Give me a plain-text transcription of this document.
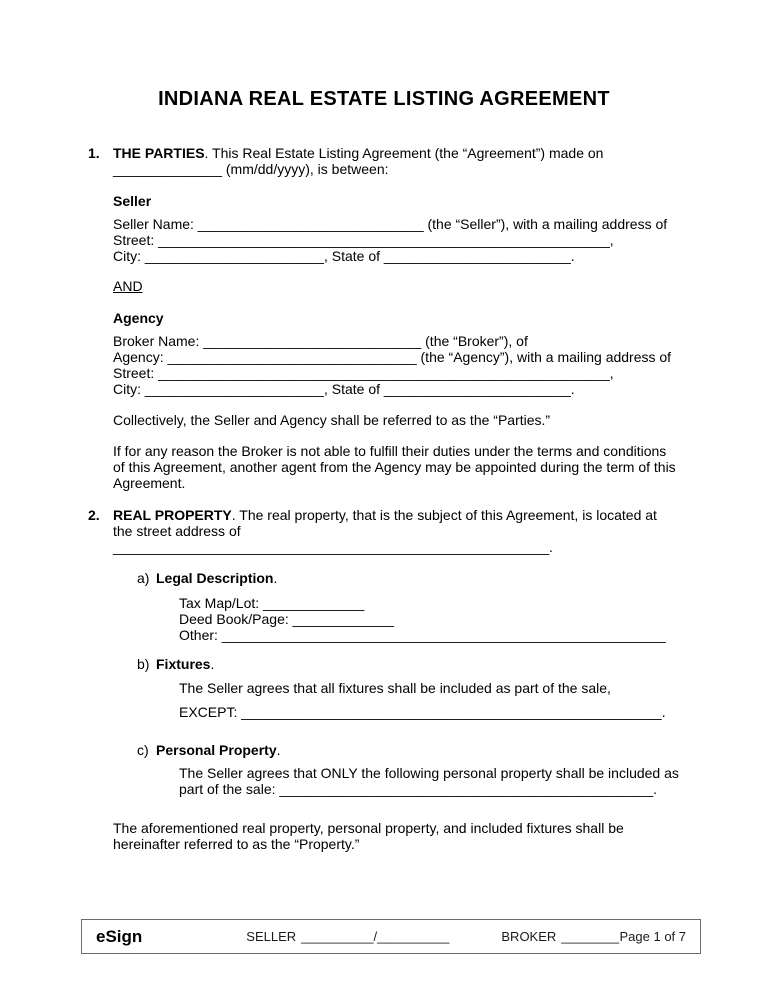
INDIANA REAL ESTATE LISTING AGREEMENT
1. THE PARTIES. This Real Estate Listing Agreement (the “Agreement”) made on ______________ (mm/dd/yyyy), is between:

Seller

Seller Name: _____________________________ (the “Seller”), with a mailing address of

Street: __________________________________________________________,

City: _______________________, State of ________________________.

AND

Agency

Broker Name: ____________________________ (the “Broker”), of

Agency: ________________________________ (the “Agency”), with a mailing address of

Street: __________________________________________________________,

City: _______________________, State of ________________________.

Collectively, the Seller and Agency shall be referred to as the “Parties.”

If for any reason the Broker is not able to fulfill their duties under the terms and conditions of this Agreement, another agent from the Agency may be appointed during the term of this Agreement.

2. REAL PROPERTY. The real property, that is the subject of this Agreement, is located at the street address of ________________________________________________________.

a) Legal Description.

Tax Map/Lot: _____________

Deed Book/Page: _____________

Other: _________________________________________________________

b) Fixtures.

The Seller agrees that all fixtures shall be included as part of the sale,

EXCEPT: ______________________________________________________.

c) Personal Property.

The Seller agrees that ONLY the following personal property shall be included as part of the sale: ________________________________________________.

The aforementioned real property, personal property, and included fixtures shall be hereinafter referred to as the “Property.”

eSign	SELLER __________/__________	BROKER ________ Page 1 of 7
